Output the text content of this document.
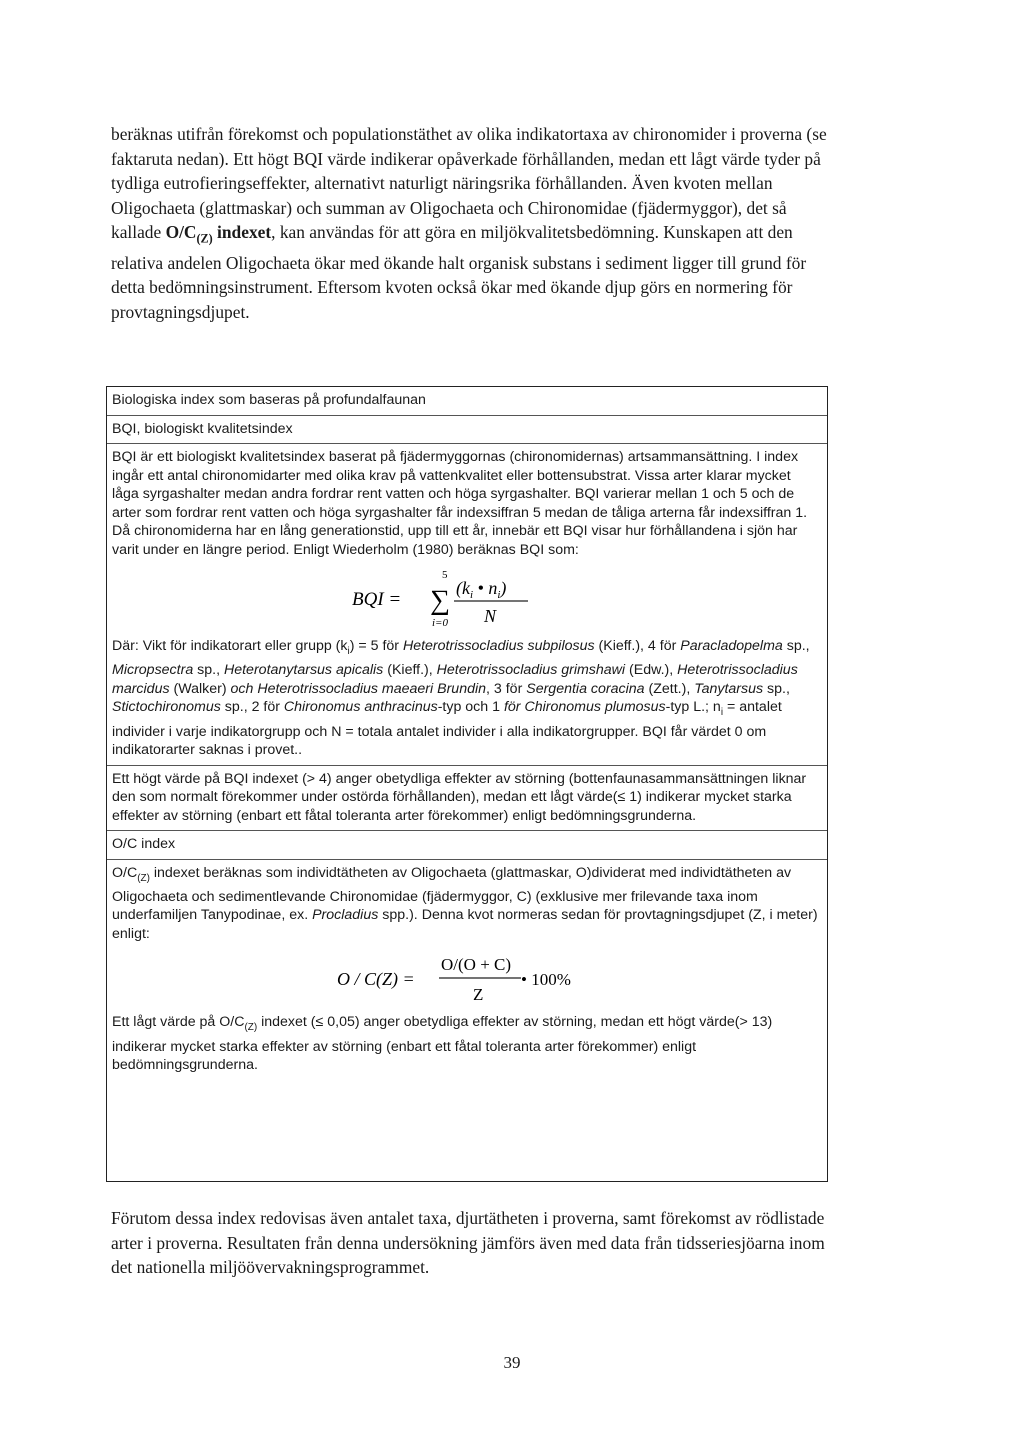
beräknas utifrån förekomst och populationstäthet av olika indikatortaxa av chironomider i proverna (se faktaruta nedan). Ett högt BQI värde indikerar opåverkade förhållanden, medan ett lågt värde tyder på tydliga eutrofieringseffekter, alternativt naturligt näringsrika förhållanden. Även kvoten mellan Oligochaeta (glattmaskar) och summan av Oligochaeta och Chironomidae (fjädermyggor), det så kallade $O/C_{(Z)}$ indexet, kan användas för att göra en miljökvalitetsbedömning. Kunskapen att den relativa andelen Oligochaeta ökar med ökande halt organisk substans i sediment ligger till grund för detta bedömningsinstrument. Eftersom kvoten också ökar med ökande djup görs en normering för provtagningsdjupet.

Biologiska index som baseras på profundalfaunan

BQI, biologiskt kvalitetsindex

BQI är ett biologiskt kvalitetsindex baserat på fjädermyggornas (chironomidernas) artsammansättning. I index ingår ett antal chironomidarter med olika krav på vattenkvalitet eller bottensubstrat. Vissa arter klarar mycket låga syrgashalter medan andra fordrar rent vatten och höga syrgashalter. BQI varierar mellan 1 och 5 och de arter som fordrar rent vatten och höga syrgashalter får indexsiffran 5 medan de tåliga arterna får indexsiffran 1. Då chironomiderna har en lång generationstid, upp till ett år, innebär ett BQI visar hur förhållandena i sjön har varit under en längre period. Enligt Wiederholm (1980) beräknas BQI som:

BQI =
5
∑
i=0
($k_i$ • $n_i$)
N

Där: Vikt för indikatorart eller grupp $(k_i) = 5$ för Heterotrissocladius subpilosus (Kieff.), 4 för Paracladopelma sp., Micropsectra sp., Heterotanytarsus apicalis (Kieff.), Heterotrissocladius grimshawi (Edw.), Heterotrissocladius marcidus (Walker) och Heterotrissocladius maeaeri Brundin, 3 för Sergentia coracina (Zett.), Tanytarsus sp., Stictochironomus sp., 2 för Chironomus anthracinus-typ och 1 för Chironomus plumosus-typ L.; $n_i$ = antalet individer i varje indikatorgrupp och N = totala antalet individer i alla indikatorgrupper. BQI får värdet 0 om indikatorarter saknas i provet..

Ett högt värde på BQI indexet (> 4) anger obetydliga effekter av störning (bottenfaunasammansättningen liknar den som normalt förekommer under ostörda förhållanden), medan ett lågt värde(≤ 1) indikerar mycket starka effekter av störning (enbart ett fåtal toleranta arter förekommer) enligt bedömningsgrunderna.

O/C index

$O/C_{(Z)}$ indexet beräknas som individtätheten av Oligochaeta (glattmaskar, O)dividerat med individtätheten av Oligochaeta och sedimentlevande Chironomidae (fjädermyggor, C) (exklusive mer frilevande taxa inom underfamiljen Tanypodinae, ex. Procladius spp.). Denna kvot normeras sedan för provtagningsdjupet (Z, i meter) enligt:

O / C(Z) =
O/(O + C)
Z
• 100%

Ett lågt värde på $O/C_{(Z)}$ indexet (≤ 0,05) anger obetydliga effekter av störning, medan ett högt värde(> 13) indikerar mycket starka effekter av störning (enbart ett fåtal toleranta arter förekommer) enligt bedömningsgrunderna.

Förutom dessa index redovisas även antalet taxa, djurtätheten i proverna, samt förekomst av rödlistade arter i proverna. Resultaten från denna undersökning jämförs även med data från tidsseriesjöarna inom det nationella miljöövervakningsprogrammet.

39
